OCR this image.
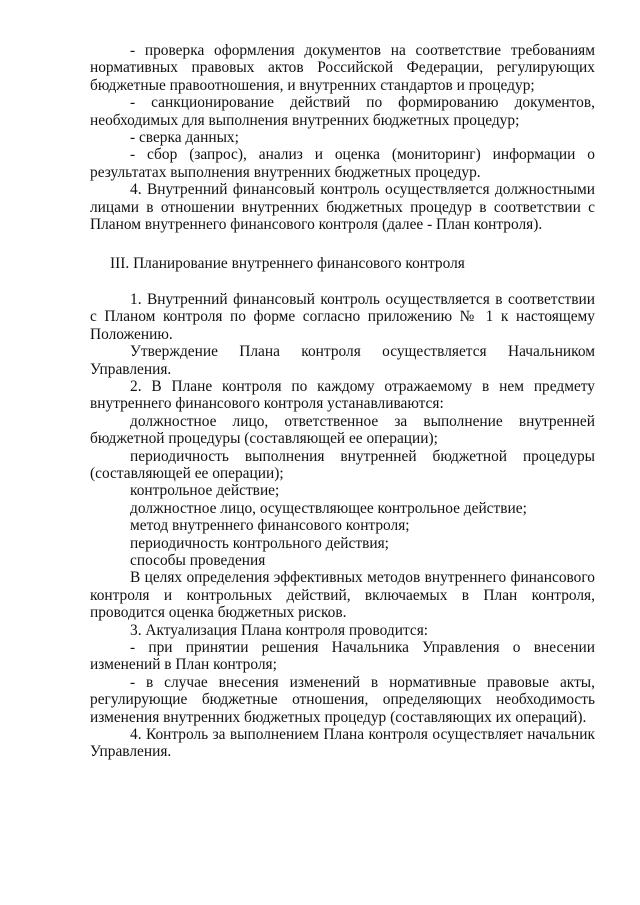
- проверка оформления документов на соответствие требованиям нормативных правовых актов Российской Федерации, регулирующих бюджетные правоотношения, и внутренних стандартов и процедур;

- санкционирование действий по формированию документов, необходимых для выполнения внутренних бюджетных процедур;

- сверка данных;

- сбор (запрос), анализ и оценка (мониторинг) информации о результатах выполнения внутренних бюджетных процедур.

4. Внутренний финансовый контроль осуществляется должностными лицами в отношении внутренних бюджетных процедур в соответствии с Планом внутреннего финансового контроля (далее - План контроля).

III. Планирование внутреннего финансового контроля

1. Внутренний финансовый контроль осуществляется в соответствии с Планом контроля по форме согласно приложению № 1 к настоящему Положению.

Утверждение Плана контроля осуществляется Начальником Управления.

2. В Плане контроля по каждому отражаемому в нем предмету внутреннего финансового контроля устанавливаются:

должностное лицо, ответственное за выполнение внутренней бюджетной процедуры (составляющей ее операции);

периодичность выполнения внутренней бюджетной процедуры (составляющей ее операции);

контрольное действие;

должностное лицо, осуществляющее контрольное действие;

метод внутреннего финансового контроля;

периодичность контрольного действия;

способы проведения

В целях определения эффективных методов внутреннего финансового контроля и контрольных действий, включаемых в План контроля, проводится оценка бюджетных рисков.

3. Актуализация Плана контроля проводится:

- при принятии решения Начальника Управления о внесении изменений в План контроля;

- в случае внесения изменений в нормативные правовые акты, регулирующие бюджетные отношения, определяющих необходимость изменения внутренних бюджетных процедур (составляющих их операций).

4. Контроль за выполнением Плана контроля осуществляет начальник Управления.
